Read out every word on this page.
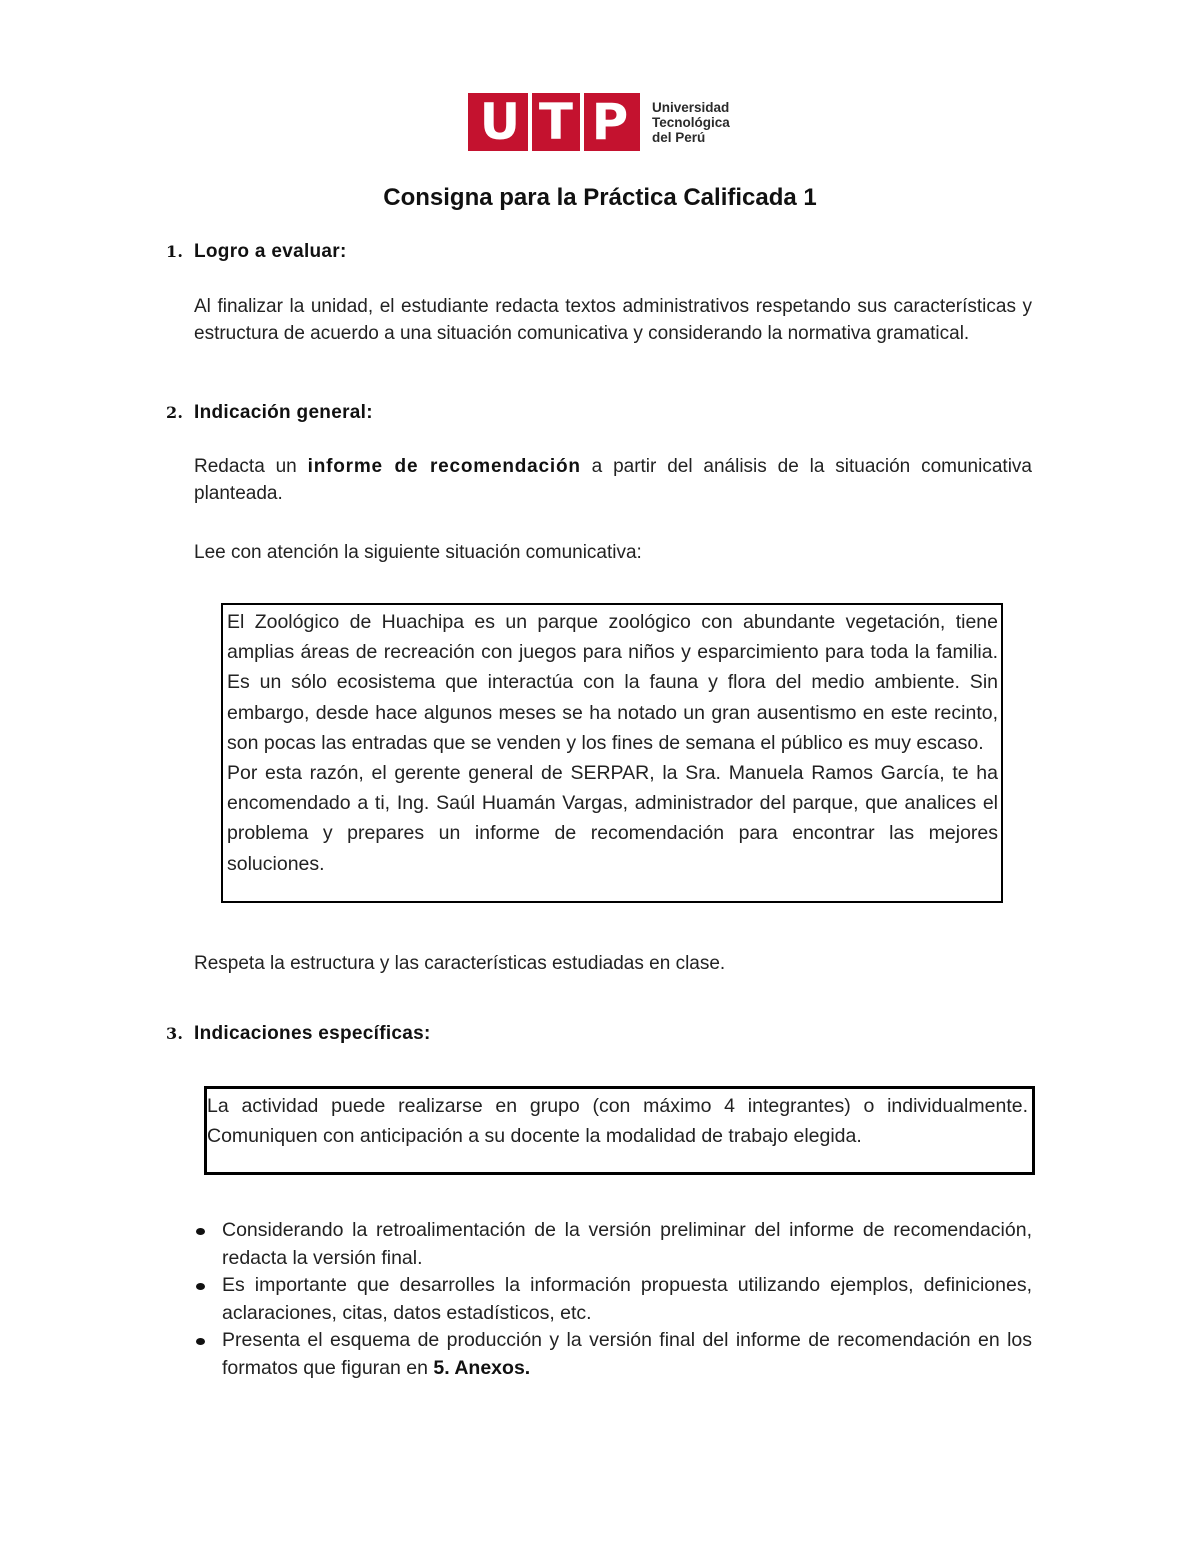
U T P Universidad
Tecnológica
del Perú
Consigna para la Práctica Calificada 1

1. Logro a evaluar:

Al finalizar la unidad, el estudiante redacta textos administrativos respetando sus características y estructura de acuerdo a una situación comunicativa y considerando la normativa gramatical.

2. Indicación general:

Redacta un informe de recomendación a partir del análisis de la situación comunicativa planteada.

Lee con atención la siguiente situación comunicativa:

El Zoológico de Huachipa es un parque zoológico con abundante vegetación, tiene amplias áreas de recreación con juegos para niños y esparcimiento para toda la familia. Es un sólo ecosistema que interactúa con la fauna y flora del medio ambiente. Sin embargo, desde hace algunos meses se ha notado un gran ausentismo en este recinto, son pocas las entradas que se venden y los fines de semana el público es muy escaso.

Por esta razón, el gerente general de SERPAR, la Sra. Manuela Ramos García, te ha encomendado a ti, Ing. Saúl Huamán Vargas, administrador del parque, que analices el problema y prepares un informe de recomendación para encontrar las mejores soluciones.

Respeta la estructura y las características estudiadas en clase.

3. Indicaciones específicas:

La actividad puede realizarse en grupo (con máximo 4 integrantes) o individualmente. Comuniquen con anticipación a su docente la modalidad de trabajo elegida.

Considerando la retroalimentación de la versión preliminar del informe de recomendación, redacta la versión final.
Es importante que desarrolles la información propuesta utilizando ejemplos, definiciones, aclaraciones, citas, datos estadísticos, etc.
Presenta el esquema de producción y la versión final del informe de recomendación en los formatos que figuran en 5. Anexos.
